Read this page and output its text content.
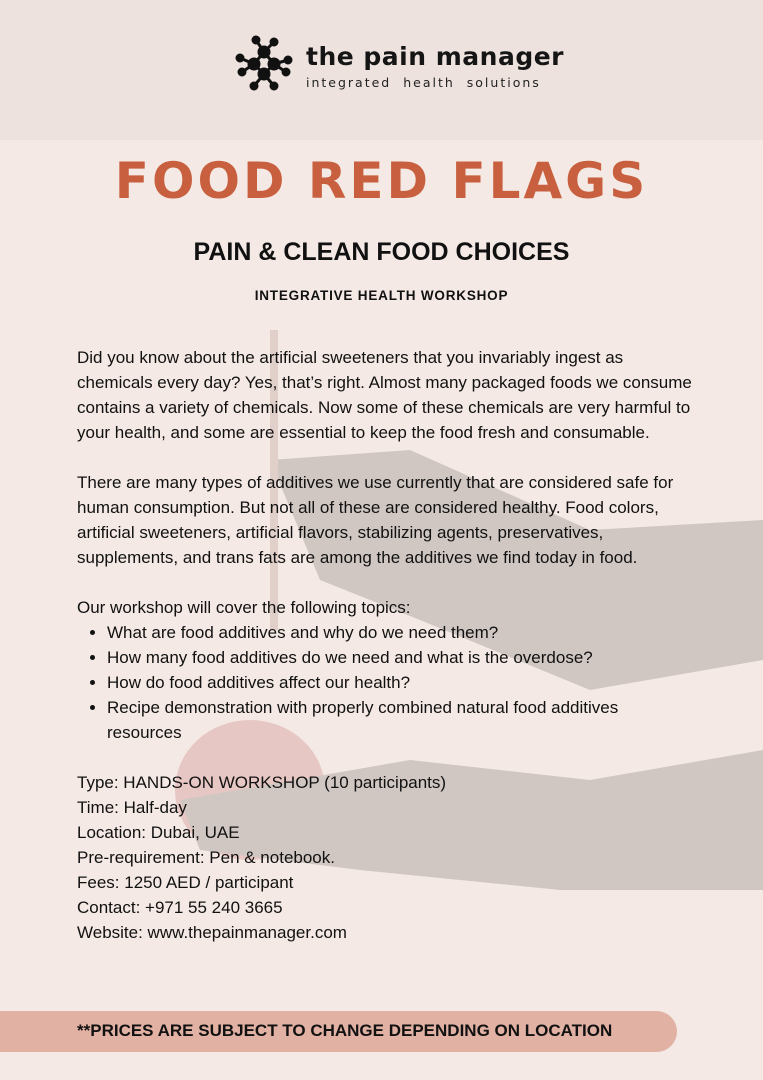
the pain manager
integrated health solutions
FOOD RED FLAGS
PAIN & CLEAN FOOD CHOICES
INTEGRATIVE HEALTH WORKSHOP

Did you know about the artificial sweeteners that you invariably ingest as chemicals every day? Yes, that’s right. Almost many packaged foods we consume contains a variety of chemicals. Now some of these chemicals are very harmful to your health, and some are essential to keep the food fresh and consumable.

There are many types of additives we use currently that are considered safe for human consumption. But not all of these are considered healthy. Food colors, artificial sweeteners, artificial flavors, stabilizing agents, preservatives, supplements, and trans fats are among the additives we find today in food.

Our workshop will cover the following topics:
• What are food additives and why do we need them?
• How many food additives do we need and what is the overdose?
• How do food additives affect our health?
• Recipe demonstration with properly combined natural food additives resources
Type: HANDS-ON WORKSHOP (10 participants)
Time: Half-day
Location: Dubai, UAE
Pre-requirement: Pen & notebook.
Fees: 1250 AED / participant
Contact: +971 55 240 3665
Website: www.thepainmanager.com
**PRICES ARE SUBJECT TO CHANGE DEPENDING ON LOCATION
